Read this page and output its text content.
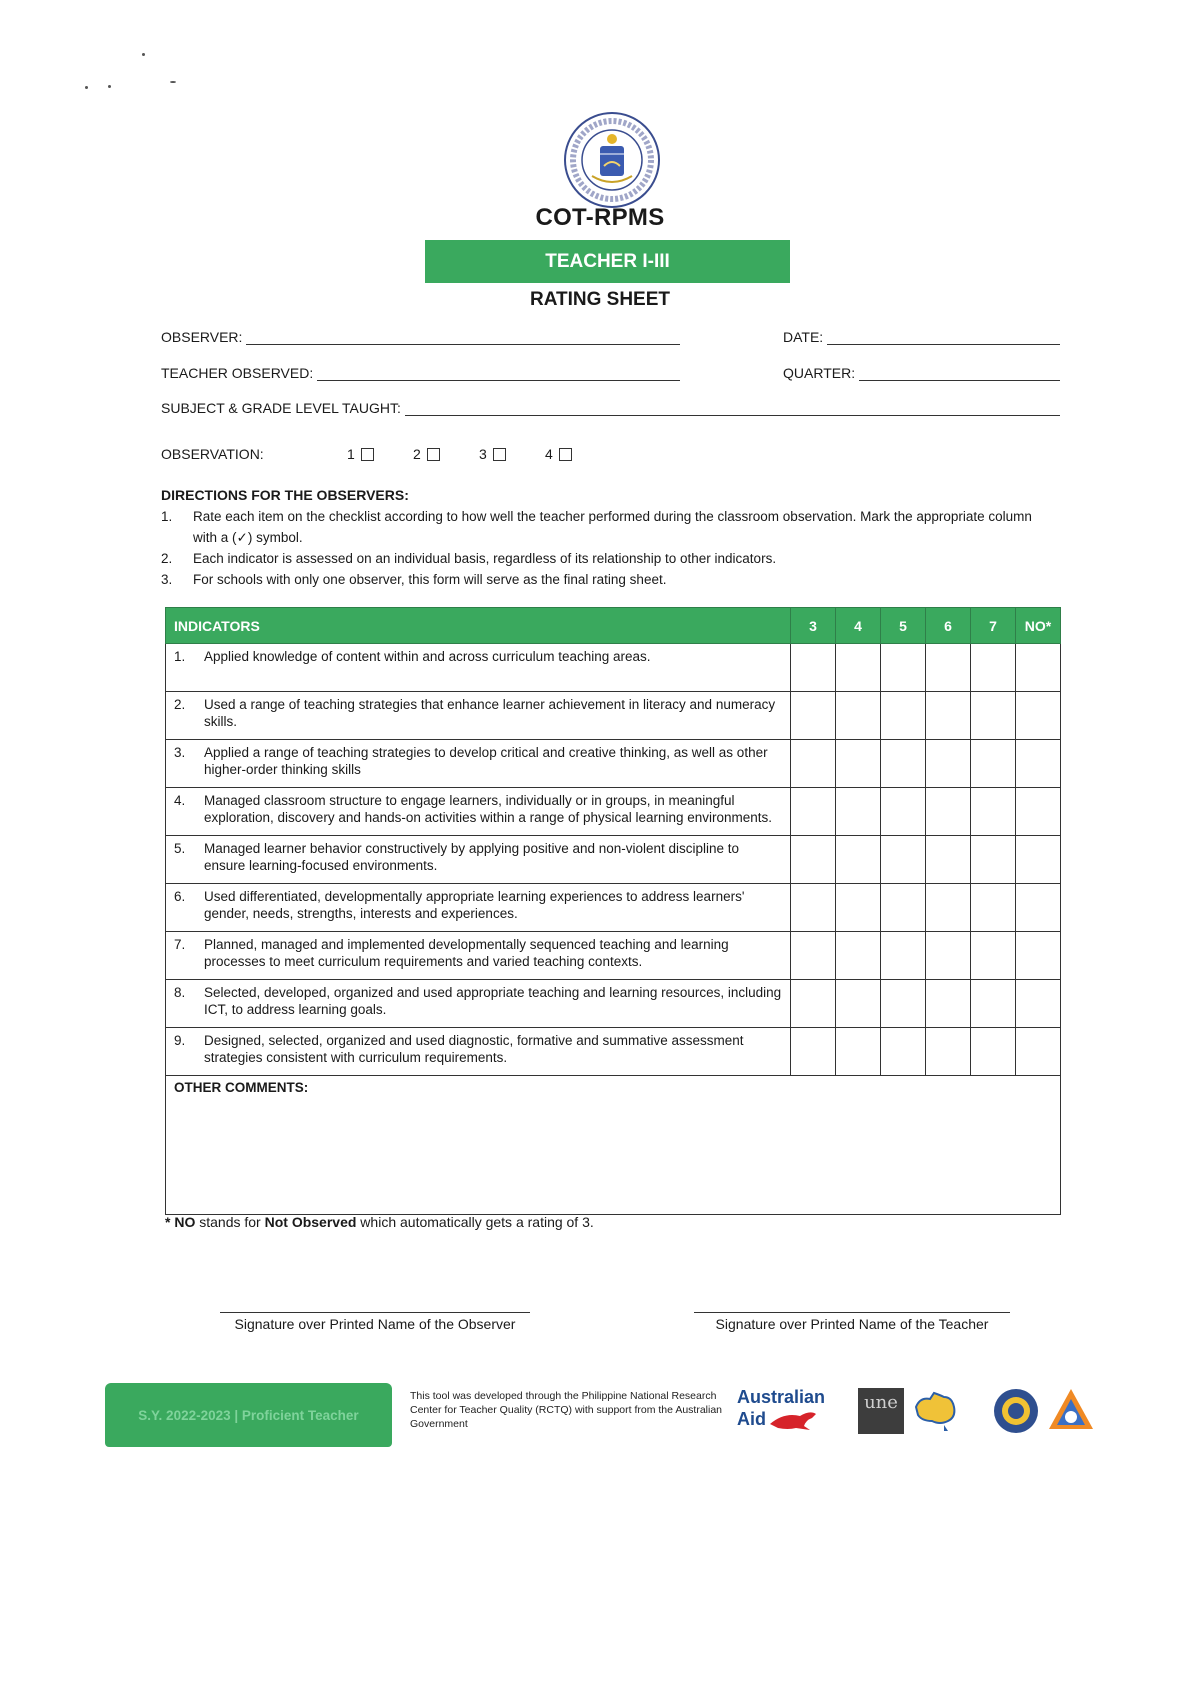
COT-RPMS
TEACHER I-III
RATING SHEET
OBSERVER:	DATE:
TEACHER OBSERVED:	QUARTER:
SUBJECT & GRADE LEVEL TAUGHT:
OBSERVATION:	1	2	3	4
DIRECTIONS FOR THE OBSERVERS:
1.	Rate each item on the checklist according to how well the teacher performed during the classroom observation. Mark the appropriate column with a (✓) symbol.
2.	Each indicator is assessed on an individual basis, regardless of its relationship to other indicators.
3.	For schools with only one observer, this form will serve as the final rating sheet.
INDICATORS	3	4	5	6	7	NO*

1. Applied knowledge of content within and across curriculum teaching areas.						

2. Used a range of teaching strategies that enhance learner achievement in literacy and numeracy skills.						

3. Applied a range of teaching strategies to develop critical and creative thinking, as well as other higher-order thinking skills						

4. Managed classroom structure to engage learners, individually or in groups, in meaningful exploration, discovery and hands-on activities within a range of physical learning environments.						

5. Managed learner behavior constructively by applying positive and non-violent discipline to ensure learning-focused environments.						

6. Used differentiated, developmentally appropriate learning experiences to address learners' gender, needs, strengths, interests and experiences.						

7. Planned, managed and implemented developmentally sequenced teaching and learning processes to meet curriculum requirements and varied teaching contexts.						

8. Selected, developed, organized and used appropriate teaching and learning resources, including ICT, to address learning goals.						

9. Designed, selected, organized and used diagnostic, formative and summative assessment strategies consistent with curriculum requirements.						

OTHER COMMENTS:						
* NO stands for Not Observed which automatically gets a rating of 3.
Signature over Printed Name of the Observer	Signature over Printed Name of the Teacher
S.Y. 2022-2023 | Proficient Teacher
This tool was developed through the Philippine National Research Center for Teacher Quality (RCTQ) with support from the Australian Government
Australian
Aid
une
